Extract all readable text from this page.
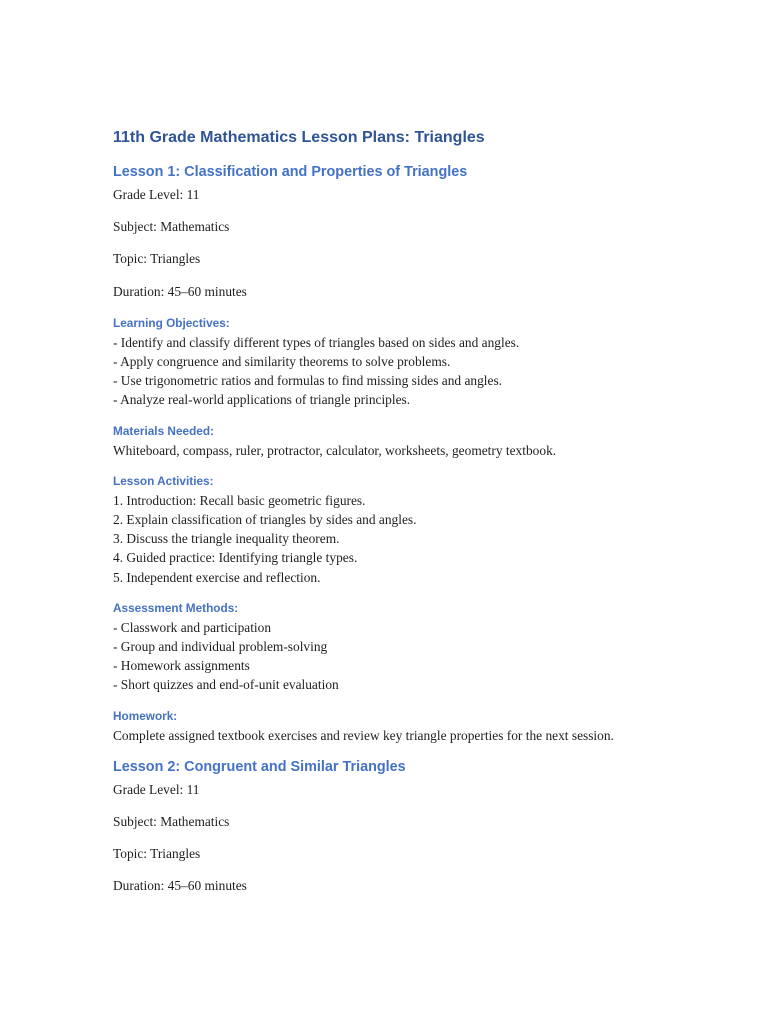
11th Grade Mathematics Lesson Plans: Triangles
Lesson 1: Classification and Properties of Triangles
Grade Level: 11
Subject: Mathematics
Topic: Triangles
Duration: 45–60 minutes
Learning Objectives:
- Identify and classify different types of triangles based on sides and angles.
- Apply congruence and similarity theorems to solve problems.
- Use trigonometric ratios and formulas to find missing sides and angles.
- Analyze real-world applications of triangle principles.
Materials Needed:
Whiteboard, compass, ruler, protractor, calculator, worksheets, geometry textbook.
Lesson Activities:
1. Introduction: Recall basic geometric figures.
2. Explain classification of triangles by sides and angles.
3. Discuss the triangle inequality theorem.
4. Guided practice: Identifying triangle types.
5. Independent exercise and reflection.
Assessment Methods:
- Classwork and participation
- Group and individual problem-solving
- Homework assignments
- Short quizzes and end-of-unit evaluation
Homework:
Complete assigned textbook exercises and review key triangle properties for the next session.
Lesson 2: Congruent and Similar Triangles
Grade Level: 11
Subject: Mathematics
Topic: Triangles
Duration: 45–60 minutes
